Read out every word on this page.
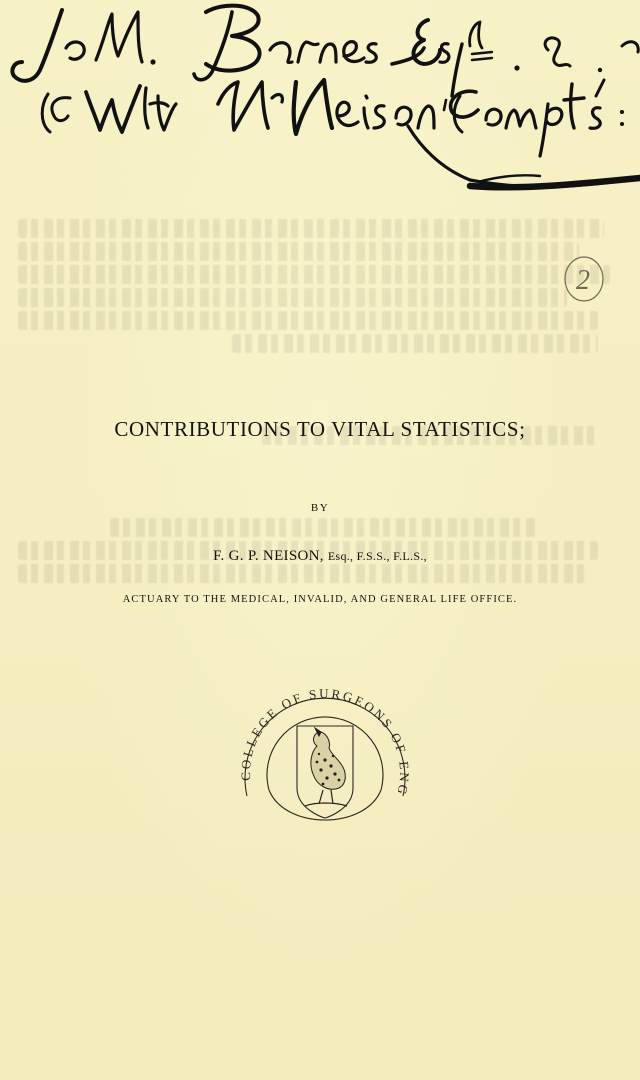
2
CONTRIBUTIONS TO VITAL STATISTICS;
BY
F. G. P. NEISON, Esq., F.S.S., F.L.S.,
ACTUARY TO THE MEDICAL, INVALID, AND GENERAL LIFE OFFICE.
COLLEGE OF SURGEONS OF ENG
